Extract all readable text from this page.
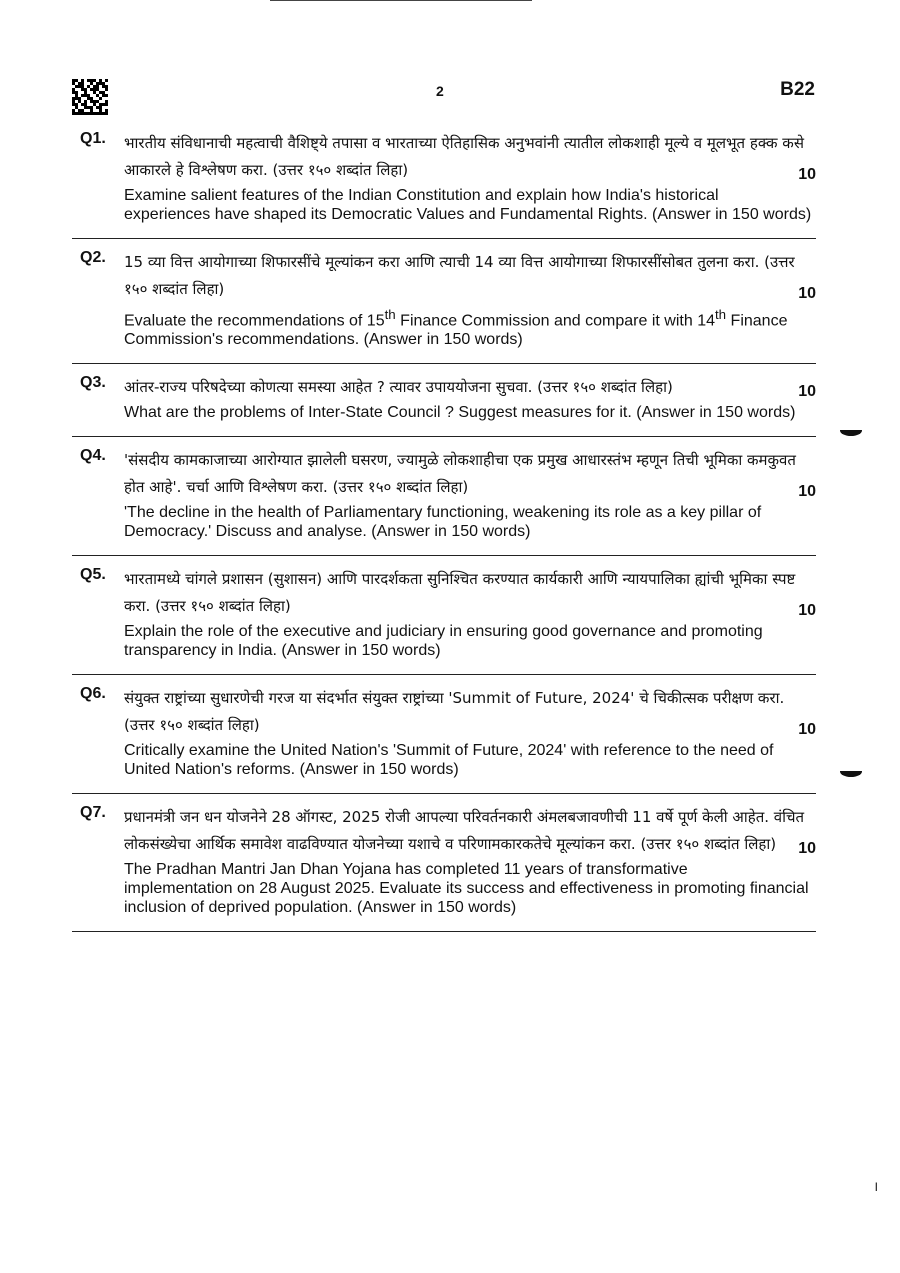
2	B22
I
Q1. भारतीय संविधानाची महत्वाची वैशिष्ट्ये तपासा व भारताच्या ऐतिहासिक अनुभवांनी त्यातील लोकशाही मूल्ये व मूलभूत हक्क कसे आकारले हे विश्लेषण करा. (उत्तर १५० शब्दांत लिहा)	10
Examine salient features of the Indian Constitution and explain how India's historical experiences have shaped its Democratic Values and Fundamental Rights. (Answer in 150 words)
Q2. 15 व्या वित्त आयोगाच्या शिफारसींचे मूल्यांकन करा आणि त्याची 14 व्या वित्त आयोगाच्या शिफारसींसोबत तुलना करा. (उत्तर १५० शब्दांत लिहा)	10
Evaluate the recommendations of 15th Finance Commission and compare it with 14th Finance Commission's recommendations. (Answer in 150 words)
Q3. आंतर-राज्य परिषदेच्या कोणत्या समस्या आहेत ? त्यावर उपाययोजना सुचवा. (उत्तर १५० शब्दांत लिहा)	10
What are the problems of Inter-State Council ? Suggest measures for it. (Answer in 150 words)
Q4. 'संसदीय कामकाजाच्या आरोग्यात झालेली घसरण, ज्यामुळे लोकशाहीचा एक प्रमुख आधारस्तंभ म्हणून तिची भूमिका कमकुवत होत आहे'. चर्चा आणि विश्लेषण करा. (उत्तर १५० शब्दांत लिहा)	10
'The decline in the health of Parliamentary functioning, weakening its role as a key pillar of Democracy.' Discuss and analyse. (Answer in 150 words)
Q5. भारतामध्ये चांगले प्रशासन (सुशासन) आणि पारदर्शकता सुनिश्चित करण्यात कार्यकारी आणि न्यायपालिका ह्यांची भूमिका स्पष्ट करा. (उत्तर १५० शब्दांत लिहा)	10
Explain the role of the executive and judiciary in ensuring good governance and promoting transparency in India. (Answer in 150 words)
Q6. संयुक्त राष्ट्रांच्या सुधारणेची गरज या संदर्भात संयुक्त राष्ट्रांच्या 'Summit of Future, 2024' चे चिकीत्सक परीक्षण करा. (उत्तर १५० शब्दांत लिहा)	10
Critically examine the United Nation's 'Summit of Future, 2024' with reference to the need of United Nation's reforms. (Answer in 150 words)
Q7. प्रधानमंत्री जन धन योजनेने 28 ऑगस्ट, 2025 रोजी आपल्या परिवर्तनकारी अंमलबजावणीची 11 वर्षे पूर्ण केली आहेत. वंचित लोकसंख्येचा आर्थिक समावेश वाढविण्यात योजनेच्या यशाचे व परिणामकारकतेचे मूल्यांकन करा. (उत्तर १५० शब्दांत लिहा) 10
The Pradhan Mantri Jan Dhan Yojana has completed 11 years of transformative implementation on 28 August 2025. Evaluate its success and effectiveness in promoting financial inclusion of deprived population. (Answer in 150 words)
